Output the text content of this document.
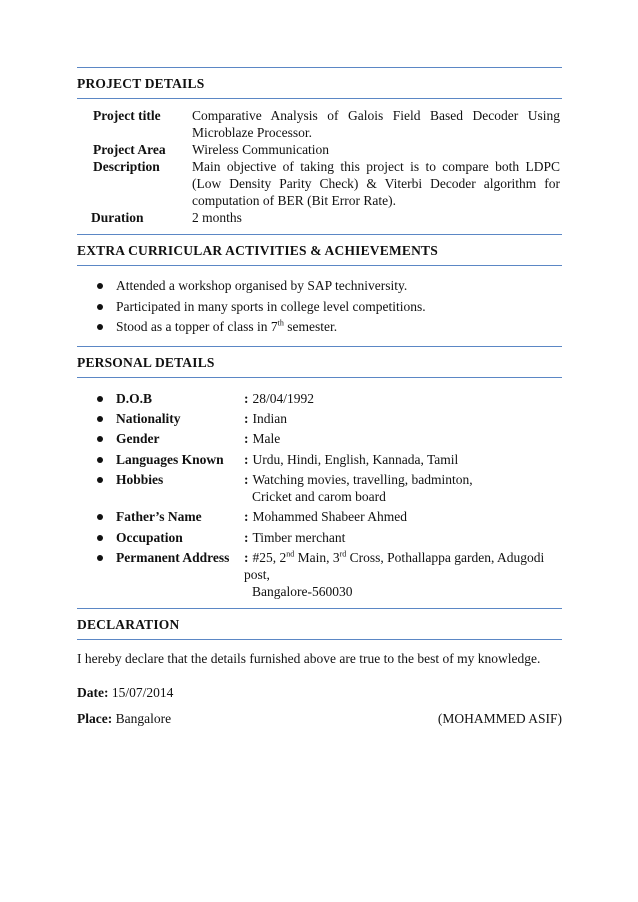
PROJECT DETAILS
Project title	Comparative Analysis of Galois Field Based Decoder Using Microblaze Processor.
Project Area	Wireless Communication
Description	Main objective of taking this project is to compare both LDPC (Low Density Parity Check) & Viterbi Decoder algorithm for computation of BER (Bit Error Rate).
Duration	2 months
EXTRA CURRICULAR ACTIVITIES & ACHIEVEMENTS
Attended a workshop organised by SAP techniversity.
Participated in many sports in college level competitions.
Stood as a topper of class in 7th semester.
PERSONAL DETAILS
D.O.B	: 28/04/1992
Nationality	: Indian
Gender	: Male
Languages Known	: Urdu, Hindi, English, Kannada, Tamil
Hobbies	: Watching movies, travelling, badminton,
Cricket and carom board
Father’s Name	: Mohammed Shabeer Ahmed
Occupation	: Timber merchant
Permanent Address	: #25, 2nd Main, 3rd Cross, Pothallappa garden, Adugodi post,
Bangalore-560030
DECLARATION
I hereby declare that the details furnished above are true to the best of my knowledge.
Date: 15/07/2014
Place: Bangalore	(MOHAMMED ASIF)
